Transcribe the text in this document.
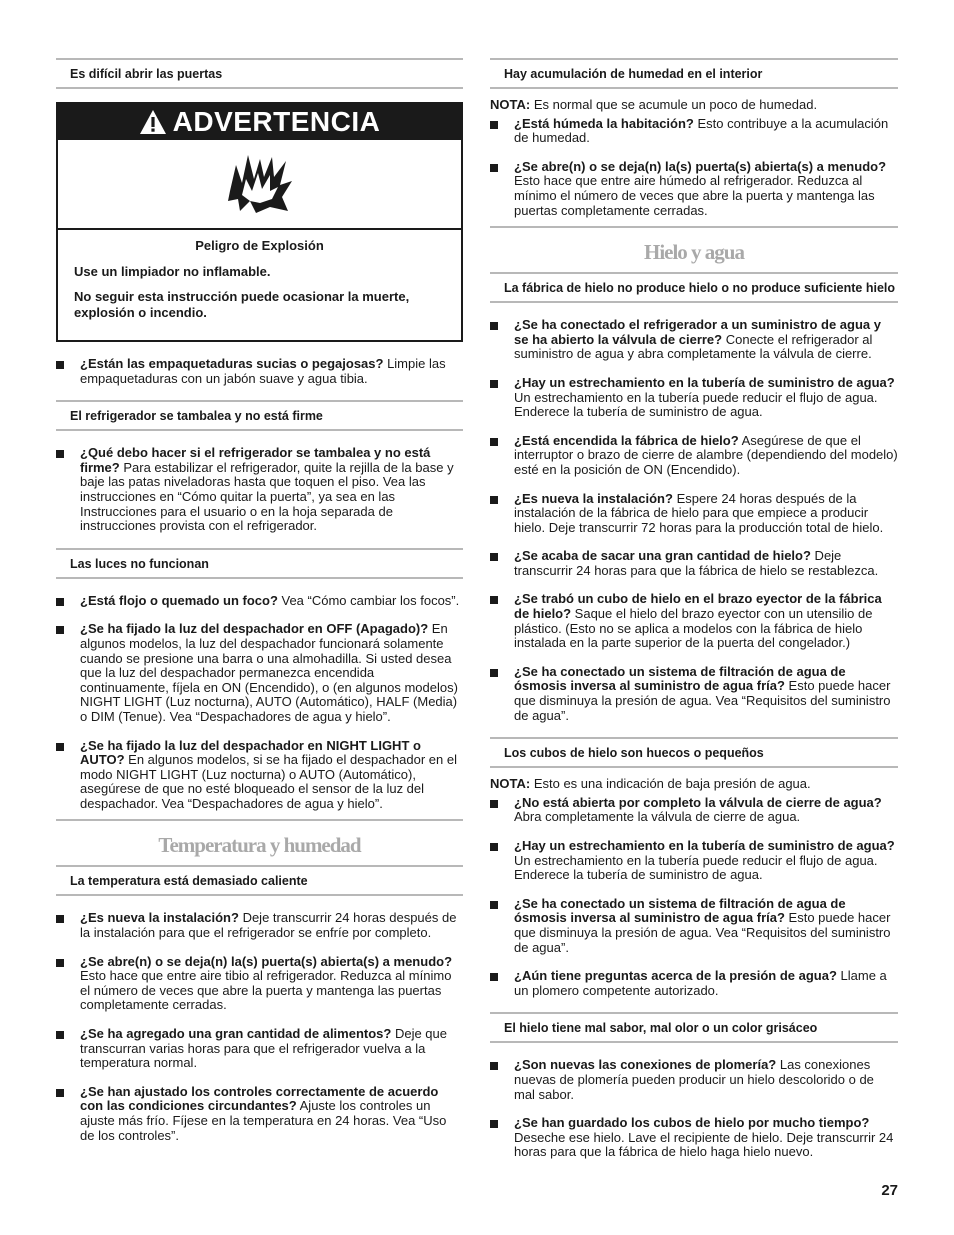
Es difícil abrir las puertas
ADVERTENCIA
Peligro de Explosión

Use un limpiador no inflamable.

No seguir esta instrucción puede ocasionar la muerte, explosión o incendio.

¿Están las empaquetaduras sucias o pegajosas? Limpie las empaquetaduras con un jabón suave y agua tibia.
El refrigerador se tambalea y no está firme
¿Qué debo hacer si el refrigerador se tambalea y no está firme? Para estabilizar el refrigerador, quite la rejilla de la base y baje las patas niveladoras hasta que toquen el piso. Vea las instrucciones en “Cómo quitar la puerta”, ya sea en las Instrucciones para el usuario o en la hoja separada de instrucciones provista con el refrigerador.
Las luces no funcionan
¿Está flojo o quemado un foco? Vea “Cómo cambiar los focos”.
¿Se ha fijado la luz del despachador en OFF (Apagado)? En algunos modelos, la luz del despachador funcionará solamente cuando se presione una barra o una almohadilla. Si usted desea que la luz del despachador permanezca encendida continuamente, fíjela en ON (Encendido), o (en algunos modelos) NIGHT LIGHT (Luz nocturna), AUTO (Automático), HALF (Media) o DIM (Tenue). Vea “Despachadores de agua y hielo”.
¿Se ha fijado la luz del despachador en NIGHT LIGHT o AUTO? En algunos modelos, si se ha fijado el despachador en el modo NIGHT LIGHT (Luz nocturna) o AUTO (Automático), asegúrese de que no esté bloqueado el sensor de la luz del despachador. Vea “Despachadores de agua y hielo”.
Temperatura y humedad
La temperatura está demasiado caliente
¿Es nueva la instalación? Deje transcurrir 24 horas después de la instalación para que el refrigerador se enfríe por completo.
¿Se abre(n) o se deja(n) la(s) puerta(s) abierta(s) a menudo? Esto hace que entre aire tibio al refrigerador. Reduzca al mínimo el número de veces que abre la puerta y mantenga las puertas completamente cerradas.
¿Se ha agregado una gran cantidad de alimentos? Deje que transcurran varias horas para que el refrigerador vuelva a la temperatura normal.
¿Se han ajustado los controles correctamente de acuerdo con las condiciones circundantes? Ajuste los controles un ajuste más frío. Fíjese en la temperatura en 24 horas. Vea “Uso de los controles”.
Hay acumulación de humedad en el interior
NOTA: Es normal que se acumule un poco de humedad.
¿Está húmeda la habitación? Esto contribuye a la acumulación de humedad.
¿Se abre(n) o se deja(n) la(s) puerta(s) abierta(s) a menudo? Esto hace que entre aire húmedo al refrigerador. Reduzca al mínimo el número de veces que abre la puerta y mantenga las puertas completamente cerradas.
Hielo y agua
La fábrica de hielo no produce hielo o no produce suficiente hielo
¿Se ha conectado el refrigerador a un suministro de agua y se ha abierto la válvula de cierre? Conecte el refrigerador al suministro de agua y abra completamente la válvula de cierre.
¿Hay un estrechamiento en la tubería de suministro de agua? Un estrechamiento en la tubería puede reducir el flujo de agua. Enderece la tubería de suministro de agua.
¿Está encendida la fábrica de hielo? Asegúrese de que el interruptor o brazo de cierre de alambre (dependiendo del modelo) esté en la posición de ON (Encendido).
¿Es nueva la instalación? Espere 24 horas después de la instalación de la fábrica de hielo para que empiece a producir hielo. Deje transcurrir 72 horas para la producción total de hielo.
¿Se acaba de sacar una gran cantidad de hielo? Deje transcurrir 24 horas para que la fábrica de hielo se restablezca.
¿Se trabó un cubo de hielo en el brazo eyector de la fábrica de hielo? Saque el hielo del brazo eyector con un utensilio de plástico. (Esto no se aplica a modelos con la fábrica de hielo instalada en la parte superior de la puerta del congelador.)
¿Se ha conectado un sistema de filtración de agua de ósmosis inversa al suministro de agua fría? Esto puede hacer que disminuya la presión de agua. Vea “Requisitos del suministro de agua”.
Los cubos de hielo son huecos o pequeños
NOTA: Esto es una indicación de baja presión de agua.
¿No está abierta por completo la válvula de cierre de agua? Abra completamente la válvula de cierre de agua.
¿Hay un estrechamiento en la tubería de suministro de agua? Un estrechamiento en la tubería puede reducir el flujo de agua. Enderece la tubería de suministro de agua.
¿Se ha conectado un sistema de filtración de agua de ósmosis inversa al suministro de agua fría? Esto puede hacer que disminuya la presión de agua. Vea “Requisitos del suministro de agua”.
¿Aún tiene preguntas acerca de la presión de agua? Llame a un plomero competente autorizado.
El hielo tiene mal sabor, mal olor o un color grisáceo
¿Son nuevas las conexiones de plomería? Las conexiones nuevas de plomería pueden producir un hielo descolorido o de mal sabor.
¿Se han guardado los cubos de hielo por mucho tiempo? Deseche ese hielo. Lave el recipiente de hielo. Deje transcurrir 24 horas para que la fábrica de hielo haga hielo nuevo.
27
